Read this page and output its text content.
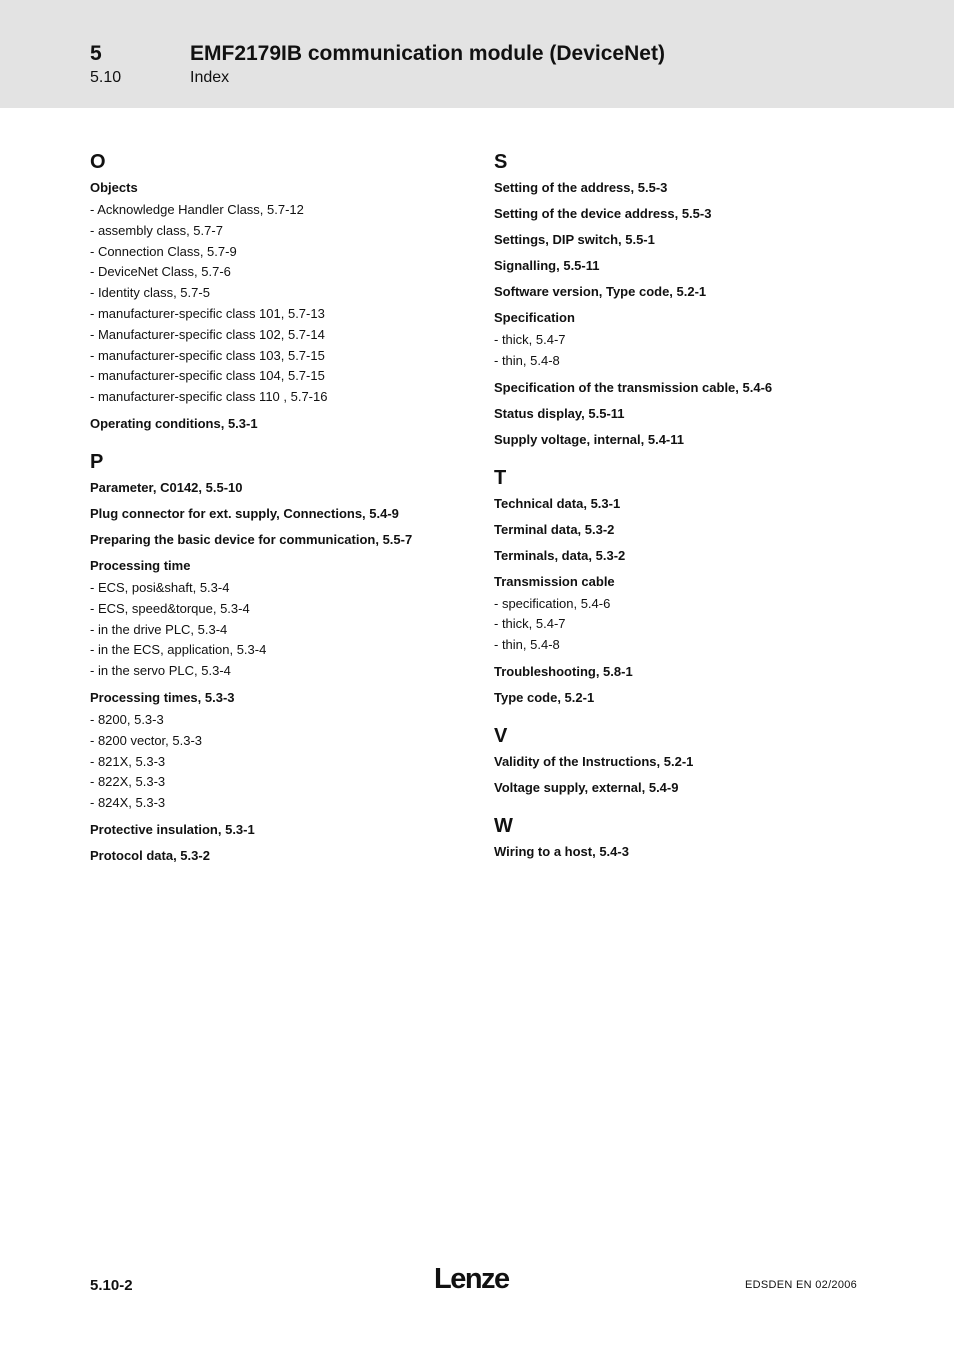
5	EMF2179IB communication module (DeviceNet)
5.10	Index
O
Objects
- Acknowledge Handler Class, 5.7-12
- assembly class, 5.7-7
- Connection Class, 5.7-9
- DeviceNet Class, 5.7-6
- Identity class, 5.7-5
- manufacturer-specific class 101, 5.7-13
- Manufacturer-specific class 102, 5.7-14
- manufacturer-specific class 103, 5.7-15
- manufacturer-specific class 104, 5.7-15
- manufacturer-specific class 110 , 5.7-16
Operating conditions, 5.3-1
P
Parameter, C0142, 5.5-10
Plug connector for ext. supply, Connections, 5.4-9
Preparing the basic device for communication, 5.5-7
Processing time
- ECS, posi&shaft, 5.3-4
- ECS, speed&torque, 5.3-4
- in the drive PLC, 5.3-4
- in the ECS, application, 5.3-4
- in the servo PLC, 5.3-4
Processing times, 5.3-3
- 8200, 5.3-3
- 8200 vector, 5.3-3
- 821X, 5.3-3
- 822X, 5.3-3
- 824X, 5.3-3
Protective insulation, 5.3-1
Protocol data, 5.3-2
S
Setting of the address, 5.5-3
Setting of the device address, 5.5-3
Settings, DIP switch, 5.5-1
Signalling, 5.5-11
Software version, Type code, 5.2-1
Specification
- thick, 5.4-7
- thin, 5.4-8
Specification of the transmission cable, 5.4-6
Status display, 5.5-11
Supply voltage, internal, 5.4-11
T
Technical data, 5.3-1
Terminal data, 5.3-2
Terminals, data, 5.3-2
Transmission cable
- specification, 5.4-6
- thick, 5.4-7
- thin, 5.4-8
Troubleshooting, 5.8-1
Type code, 5.2-1
V
Validity of the Instructions, 5.2-1
Voltage supply, external, 5.4-9
W
Wiring to a host, 5.4-3
5.10-2	Lenze	EDSDEN EN 02/2006
